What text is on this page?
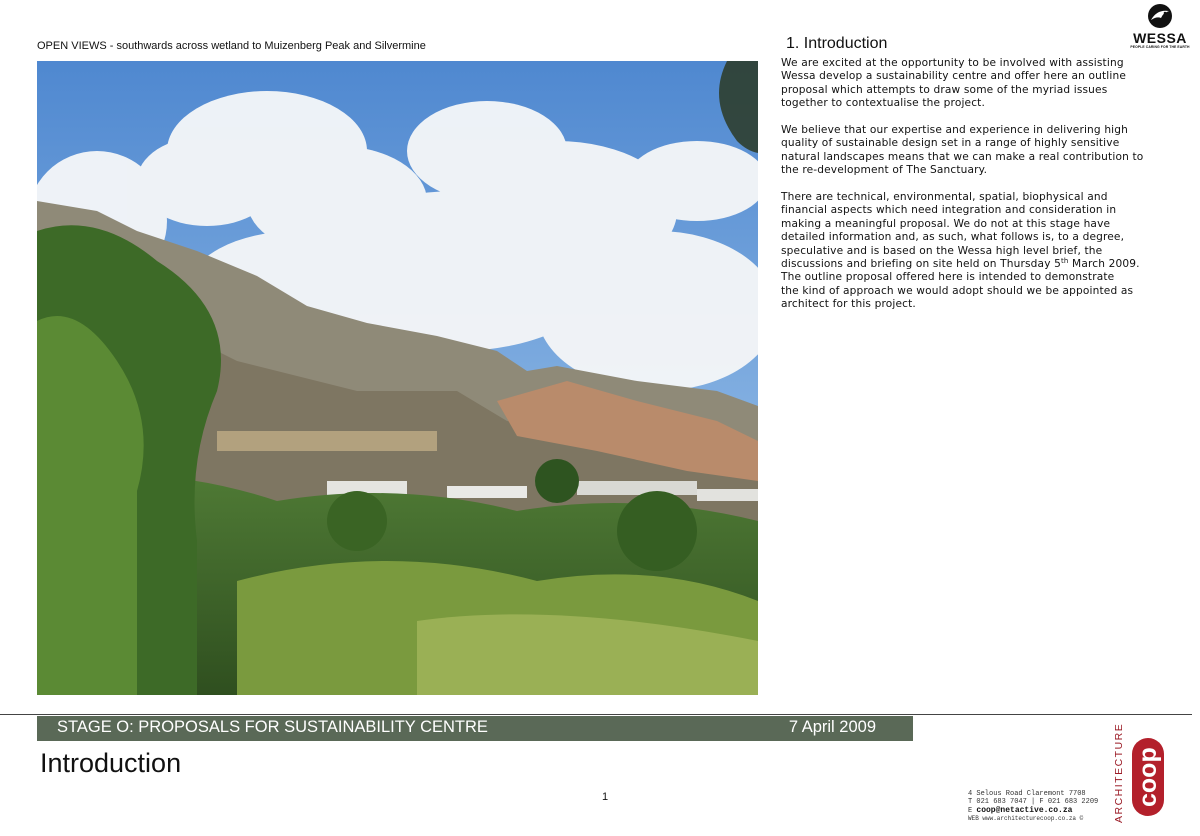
OPEN VIEWS - southwards across wetland to Muizenberg Peak and Silvermine	1. Introduction

We are excited at the opportunity to be involved with assisting
Wessa develop a sustainability centre and offer here an outline
proposal which attempts to draw some of the myriad issues
together to contextualise the project.

We believe that our expertise and experience in delivering high
quality of sustainable design set in a range of highly sensitive
natural landscapes means that we can make a real contribution to
the re-development of The Sanctuary.

There are technical, environmental, spatial, biophysical and
financial aspects which need integration and consideration in
making a meaningful proposal. We do not at this stage have
detailed information and, as such, what follows is, to a degree,
speculative and is based on the Wessa high level brief, the
discussions and briefing on site held on Thursday 5th March 2009.
The outline proposal offered here is intended to demonstrate
the kind of approach we would adopt should we be appointed as
architect for this project.

WESSA
PEOPLE CARING FOR THE EARTH
STAGE O: PROPOSALS FOR SUSTAINABILITY CENTRE	7 April 2009
Introduction
1	4 Selous Road Claremont 7708
T 021 683 7047 | F 021 683 2209
E coop@netactive.co.za
WEB www.architecturecoop.co.za ©	ARCHITECTURE coop
